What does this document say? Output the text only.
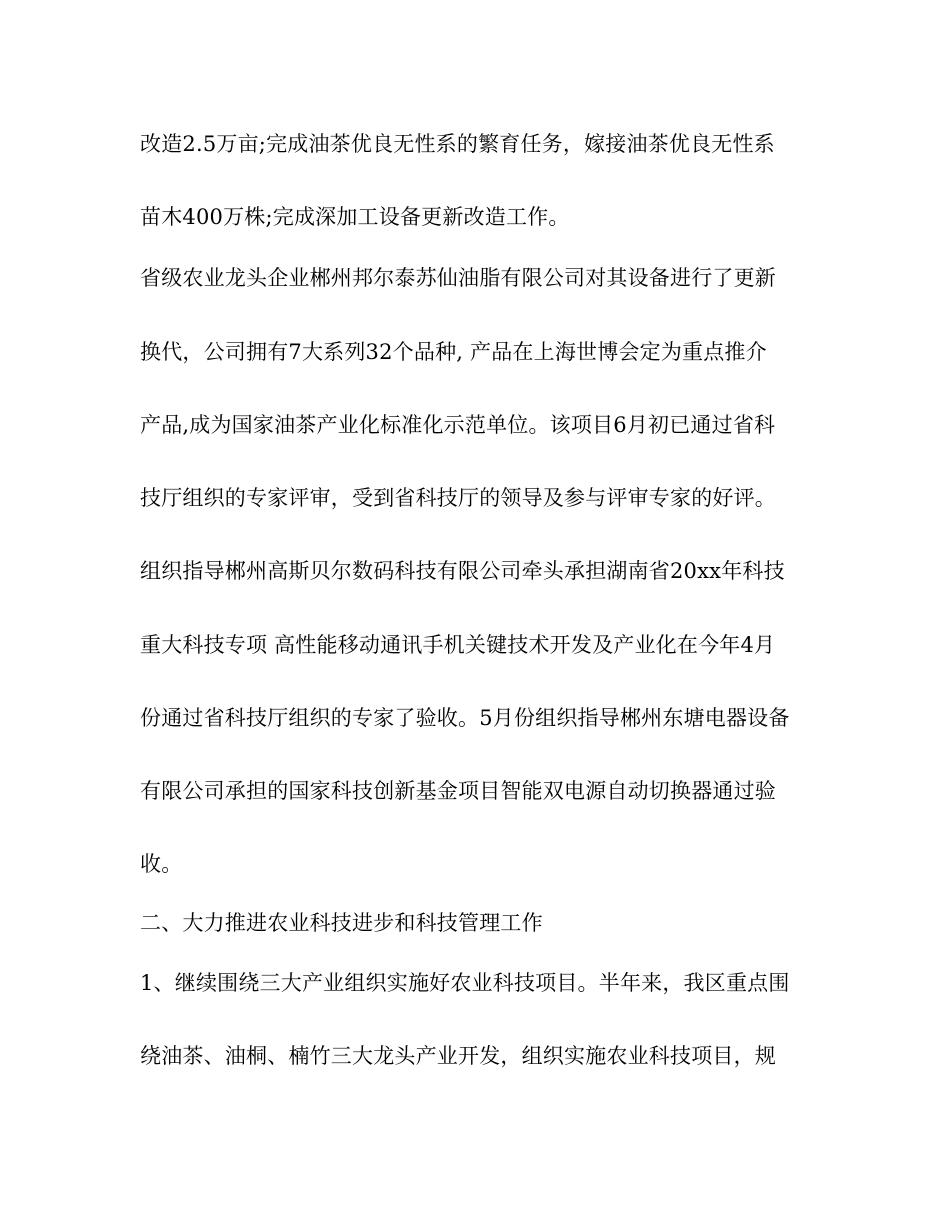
改造2.5万亩;完成油茶优良无性系的繁育任务，嫁接油茶优良无性系
苗木400万株;完成深加工设备更新改造工作。
省级农业龙头企业郴州邦尔泰苏仙油脂有限公司对其设备进行了更新
换代，公司拥有7大系列32个品种, 产品在上海世博会定为重点推介
产品,成为国家油茶产业化标准化示范单位。该项目6月初已通过省科
技厅组织的专家评审，受到省科技厅的领导及参与评审专家的好评。
组织指导郴州高斯贝尔数码科技有限公司牵头承担湖南省20xx年科技
重大科技专项 高性能移动通讯手机关键技术开发及产业化在今年4月
份通过省科技厅组织的专家了验收。5月份组织指导郴州东塘电器设备
有限公司承担的国家科技创新基金项目智能双电源自动切换器通过验
收。
二、大力推进农业科技进步和科技管理工作
1、继续围绕三大产业组织实施好农业科技项目。半年来，我区重点围
绕油茶、油桐、楠竹三大龙头产业开发，组织实施农业科技项目，规
